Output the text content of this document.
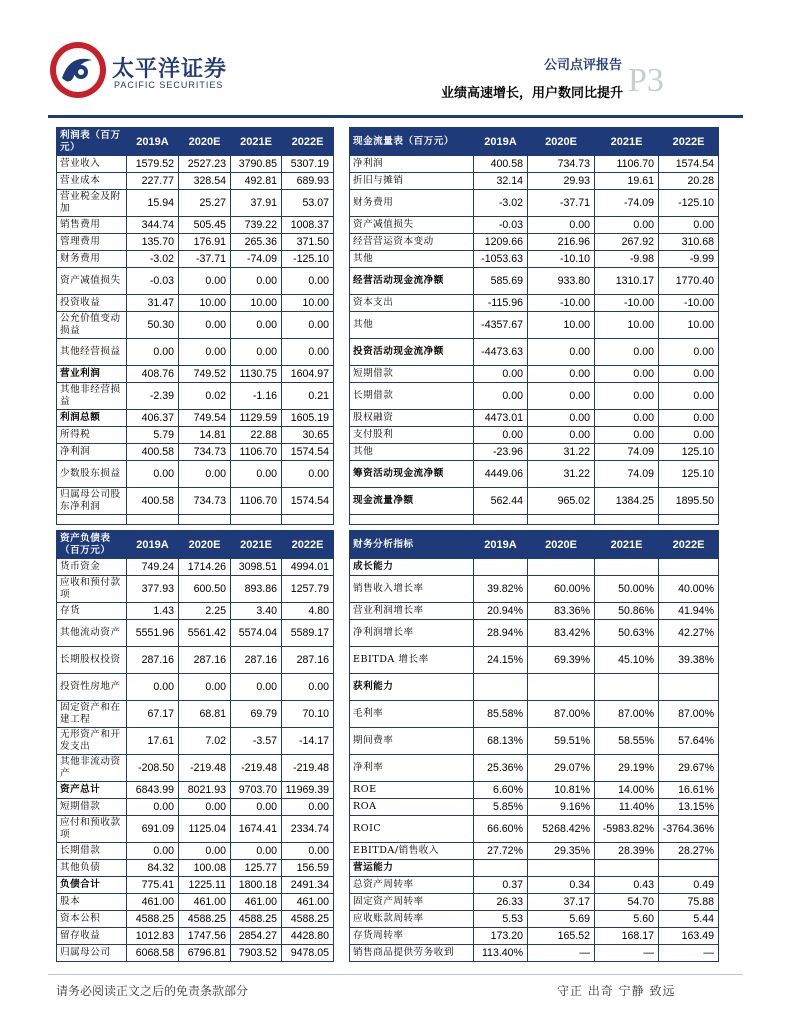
太平洋证券
PACIFIC SECURITIES
公司点评报告
业绩高速增长，用户数同比提升 P3
利润表（百万元）	2019A	2020E	2021E	2022E
营业收入	1579.52	2527.23	3790.85	5307.19
营业成本	227.77	328.54	492.81	689.93
营业税金及附加	15.94	25.27	37.91	53.07
销售费用	344.74	505.45	739.22	1008.37
管理费用	135.70	176.91	265.36	371.50
财务费用	-3.02	-37.71	-74.09	-125.10
资产减值损失	-0.03	0.00	0.00	0.00
投资收益	31.47	10.00	10.00	10.00
公允价值变动损益	50.30	0.00	0.00	0.00
其他经营损益	0.00	0.00	0.00	0.00
营业利润	408.76	749.52	1130.75	1604.97
其他非经营损益	-2.39	0.02	-1.16	0.21
利润总额	406.37	749.54	1129.59	1605.19
所得税	5.79	14.81	22.88	30.65
净利润	400.58	734.73	1106.70	1574.54
少数股东损益	0.00	0.00	0.00	0.00
归属母公司股东净利润	400.58	734.73	1106.70	1574.54

现金流量表（百万元）	2019A	2020E	2021E	2022E
净利润	400.58	734.73	1106.70	1574.54
折旧与摊销	32.14	29.93	19.61	20.28
财务费用	-3.02	-37.71	-74.09	-125.10
资产减值损失	-0.03	0.00	0.00	0.00
经营营运资本变动	1209.66	216.96	267.92	310.68
其他	-1053.63	-10.10	-9.98	-9.99
经营活动现金流净额	585.69	933.80	1310.17	1770.40
资本支出	-115.96	-10.00	-10.00	-10.00
其他	-4357.67	10.00	10.00	10.00
投资活动现金流净额	-4473.63	0.00	0.00	0.00
短期借款	0.00	0.00	0.00	0.00
长期借款	0.00	0.00	0.00	0.00
股权融资	4473.01	0.00	0.00	0.00
支付股利	0.00	0.00	0.00	0.00
其他	-23.96	31.22	74.09	125.10
筹资活动现金流净额	4449.06	31.22	74.09	125.10
现金流量净额	562.44	965.02	1384.25	1895.50

资产负债表（百万元）	2019A	2020E	2021E	2022E
货币资金	749.24	1714.26	3098.51	4994.01
应收和预付款项	377.93	600.50	893.86	1257.79
存货	1.43	2.25	3.40	4.80
其他流动资产	5551.96	5561.42	5574.04	5589.17
长期股权投资	287.16	287.16	287.16	287.16
投资性房地产	0.00	0.00	0.00	0.00
固定资产和在建工程	67.17	68.81	69.79	70.10
无形资产和开发支出	17.61	7.02	-3.57	-14.17
其他非流动资产	-208.50	-219.48	-219.48	-219.48
资产总计	6843.99	8021.93	9703.70	11969.39
短期借款	0.00	0.00	0.00	0.00
应付和预收款项	691.09	1125.04	1674.41	2334.74
长期借款	0.00	0.00	0.00	0.00
其他负债	84.32	100.08	125.77	156.59
负债合计	775.41	1225.11	1800.18	2491.34
股本	461.00	461.00	461.00	461.00
资本公积	4588.25	4588.25	4588.25	4588.25
留存收益	1012.83	1747.56	2854.27	4428.80
归属母公司	6068.58	6796.81	7903.52	9478.05
财务分析指标	2019A	2020E	2021E	2022E
成长能力				
销售收入增长率	39.82%	60.00%	50.00%	40.00%
营业利润增长率	20.94%	83.36%	50.86%	41.94%
净利润增长率	28.94%	83.42%	50.63%	42.27%
EBITDA 增长率	24.15%	69.39%	45.10%	39.38%
获利能力				
毛利率	85.58%	87.00%	87.00%	87.00%
期间费率	68.13%	59.51%	58.55%	57.64%
净利率	25.36%	29.07%	29.19%	29.67%
ROE	6.60%	10.81%	14.00%	16.61%
ROA	5.85%	9.16%	11.40%	13.15%
ROIC	66.60%	5268.42%	-5983.82%	-3764.36%
EBITDA/销售收入	27.72%	29.35%	28.39%	28.27%
营运能力				
总资产周转率	0.37	0.34	0.43	0.49
固定资产周转率	26.33	37.17	54.70	75.88
应收账款周转率	5.53	5.69	5.60	5.44
存货周转率	173.20	165.52	168.17	163.49
销售商品提供劳务收到	113.40%	—	—	—
请务必阅读正文之后的免责条款部分	守正 出奇 宁静 致远
